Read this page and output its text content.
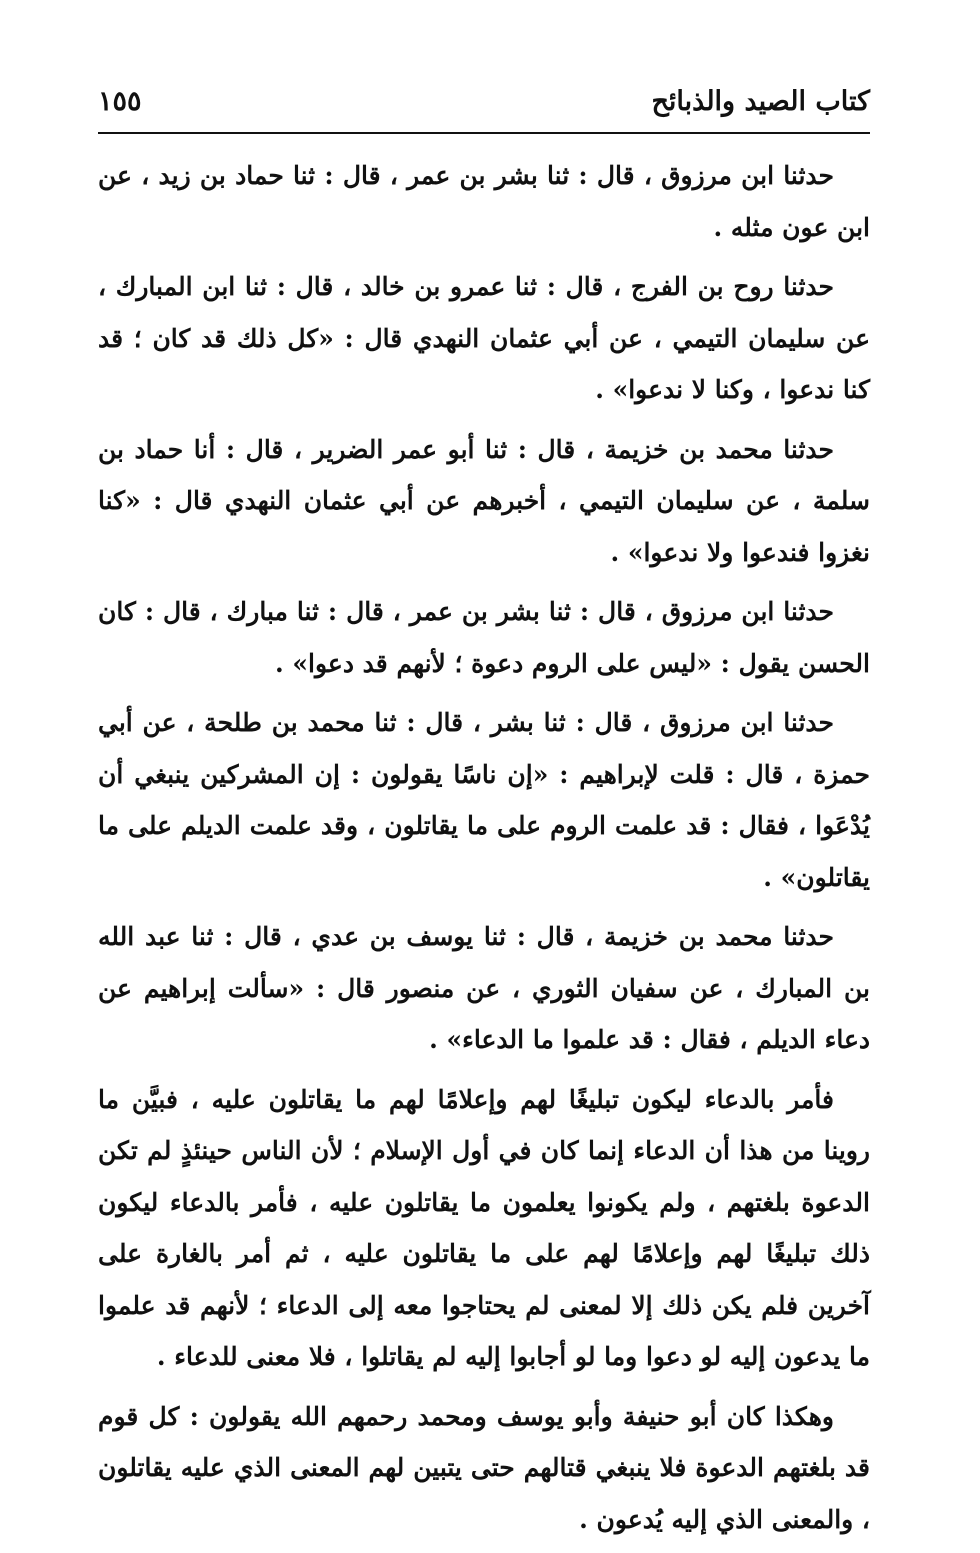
كتاب الصيد والذبائح
١٥٥

حدثنا ابن مرزوق ، قال : ثنا بشر بن عمر ، قال : ثنا حماد بن زيد ، عن ابن عون مثله .

حدثنا روح بن الفرج ، قال : ثنا عمرو بن خالد ، قال : ثنا ابن المبارك ، عن سليمان التيمي ، عن أبي عثمان النهدي قال : «كل ذلك قد كان ؛ قد كنا ندعوا ، وكنا لا ندعوا» .

حدثنا محمد بن خزيمة ، قال : ثنا أبو عمر الضرير ، قال : أنا حماد بن سلمة ، عن سليمان التيمي ، أخبرهم عن أبي عثمان النهدي قال : «كنا نغزوا فندعوا ولا ندعوا» .

حدثنا ابن مرزوق ، قال : ثنا بشر بن عمر ، قال : ثنا مبارك ، قال : كان الحسن يقول : «ليس على الروم دعوة ؛ لأنهم قد دعوا» .

حدثنا ابن مرزوق ، قال : ثنا بشر ، قال : ثنا محمد بن طلحة ، عن أبي حمزة ، قال : قلت لإبراهيم : «إن ناسًا يقولون : إن المشركين ينبغي أن يُدْعَوا ، فقال : قد علمت الروم على ما يقاتلون ، وقد علمت الديلم على ما يقاتلون» .

حدثنا محمد بن خزيمة ، قال : ثنا يوسف بن عدي ، قال : ثنا عبد الله بن المبارك ، عن سفيان الثوري ، عن منصور قال : «سألت إبراهيم عن دعاء الديلم ، فقال : قد علموا ما الدعاء» .

فأمر بالدعاء ليكون تبليغًا لهم وإعلامًا لهم ما يقاتلون عليه ، فبيَّن ما روينا من هذا أن الدعاء إنما كان في أول الإسلام ؛ لأن الناس حينئذٍ لم تكن الدعوة بلغتهم ، ولم يكونوا يعلمون ما يقاتلون عليه ، فأمر بالدعاء ليكون ذلك تبليغًا لهم وإعلامًا لهم على ما يقاتلون عليه ، ثم أمر بالغارة على آخرين فلم يكن ذلك إلا لمعنى لم يحتاجوا معه إلى الدعاء ؛ لأنهم قد علموا ما يدعون إليه لو دعوا وما لو أجابوا إليه لم يقاتلوا ، فلا معنى للدعاء .

وهكذا كان أبو حنيفة وأبو يوسف ومحمد رحمهم الله يقولون : كل قوم قد بلغتهم الدعوة فلا ينبغي قتالهم حتى يتبين لهم المعنى الذي عليه يقاتلون ، والمعنى الذي إليه يُدعون .
